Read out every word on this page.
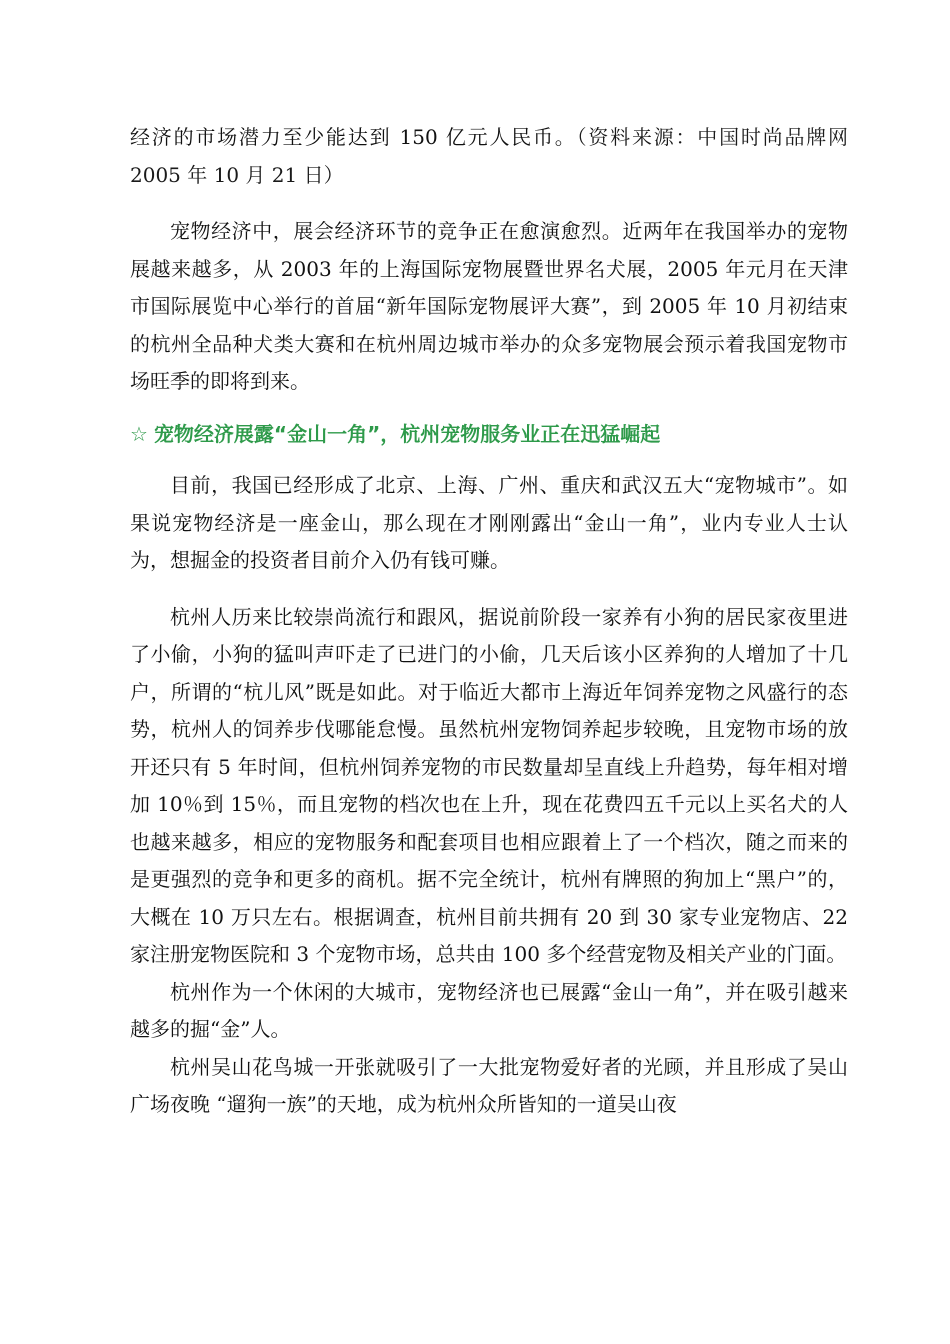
经济的市场潜力至少能达到 150 亿元人民币。（资料来源：中国时尚品牌网 2005 年 10 月 21 日）

宠物经济中，展会经济环节的竞争正在愈演愈烈。近两年在我国举办的宠物展越来越多，从 2003 年的上海国际宠物展暨世界名犬展，2005 年元月在天津市国际展览中心举行的首届“新年国际宠物展评大赛”，到 2005 年 10 月初结束的杭州全品种犬类大赛和在杭州周边城市举办的众多宠物展会预示着我国宠物市场旺季的即将到来。

☆ 宠物经济展露“金山一角”，杭州宠物服务业正在迅猛崛起

目前，我国已经形成了北京、上海、广州、重庆和武汉五大“宠物城市”。如果说宠物经济是一座金山，那么现在才刚刚露出“金山一角”，业内专业人士认为，想掘金的投资者目前介入仍有钱可赚。

杭州人历来比较崇尚流行和跟风，据说前阶段一家养有小狗的居民家夜里进了小偷，小狗的猛叫声吓走了已进门的小偷，几天后该小区养狗的人增加了十几户，所谓的“杭儿风”既是如此。对于临近大都市上海近年饲养宠物之风盛行的态势，杭州人的饲养步伐哪能怠慢。虽然杭州宠物饲养起步较晚，且宠物市场的放开还只有 5 年时间，但杭州饲养宠物的市民数量却呈直线上升趋势，每年相对增加 10％到 15％，而且宠物的档次也在上升，现在花费四五千元以上买名犬的人也越来越多，相应的宠物服务和配套项目也相应跟着上了一个档次，随之而来的是更强烈的竞争和更多的商机。据不完全统计，杭州有牌照的狗加上“黑户”的，大概在 10 万只左右。根据调查，杭州目前共拥有 20 到 30 家专业宠物店、22 家注册宠物医院和 3 个宠物市场，总共由 100 多个经营宠物及相关产业的门面。

杭州作为一个休闲的大城市，宠物经济也已展露“金山一角”，并在吸引越来越多的掘“金”人。

杭州吴山花鸟城一开张就吸引了一大批宠物爱好者的光顾，并且形成了吴山广场夜晚 “遛狗一族”的天地，成为杭州众所皆知的一道吴山夜
